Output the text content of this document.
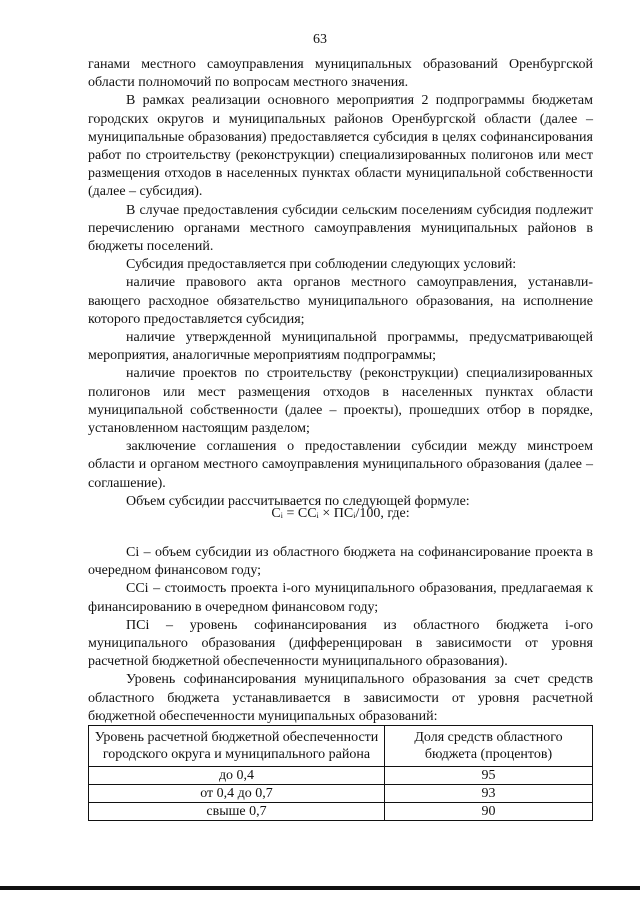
63

ганами местного самоуправления муниципальных образований Оренбургской области полномочий по вопросам местного значения.

В рамках реализации основного мероприятия 2 подпрограммы бюджетам городских округов и муниципальных районов Оренбургской области (далее – муниципальные образования) предоставляется субсидия в целях софинансирования работ по строительству (реконструкции) специализированных полигонов или мест размещения отходов в населенных пунктах области муниципальной собственности (далее – субсидия).

В случае предоставления субсидии сельским поселениям субсидия подлежит перечислению органами местного самоуправления муниципальных районов в бюджеты поселений.

Субсидия предоставляется при соблюдении следующих условий:

наличие правового акта органов местного самоуправления, устанавливающего расходное обязательство муниципального образования, на исполнение которого предоставляется субсидия;

наличие утвержденной муниципальной программы, предусматривающей мероприятия, аналогичные мероприятиям подпрограммы;

наличие проектов по строительству (реконструкции) специализированных полигонов или мест размещения отходов в населенных пунктах области муниципальной собственности (далее – проекты), прошедших отбор в порядке, установленном настоящим разделом;

заключение соглашения о предоставлении субсидии между минстроем области и органом местного самоуправления муниципального образования (далее – соглашение).

Объем субсидии рассчитывается по следующей формуле:

Сᵢ = ССᵢ × ПСᵢ/100, где:

Сi – объем субсидии из областного бюджета на софинансирование проекта в очередном финансовом году;

ССi – стоимость проекта i-ого муниципального образования, предлагаемая к финансированию в очередном финансовом году;

ПСi – уровень софинансирования из областного бюджета i-ого муниципального образования (дифференцирован в зависимости от уровня расчетной бюджетной обеспеченности муниципального образования).

Уровень софинансирования муниципального образования за счет средств областного бюджета устанавливается в зависимости от уровня расчетной бюджетной обеспеченности муниципальных образований:

Уровень расчетной бюджетной обеспеченности городского округа и муниципального района	Доля средств областного бюджета (процентов)
до 0,4	95
от 0,4 до 0,7	93
свыше 0,7	90
